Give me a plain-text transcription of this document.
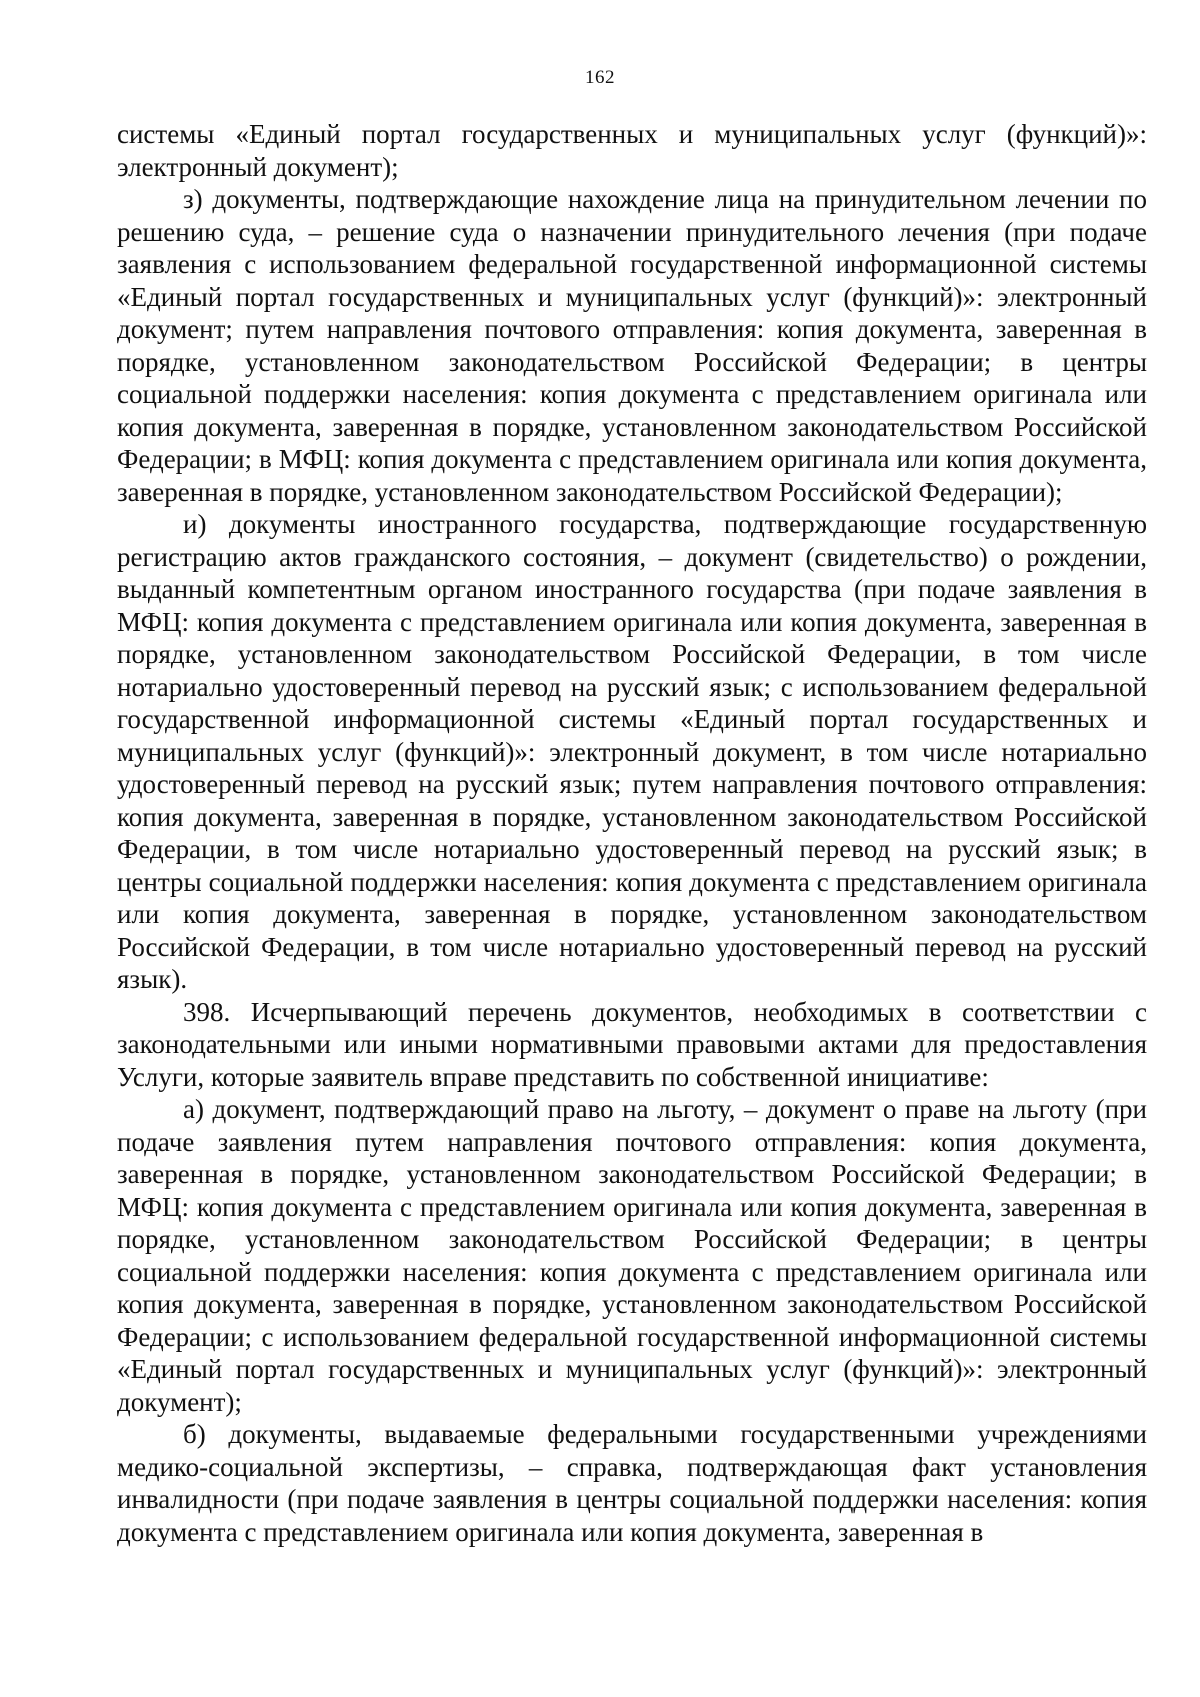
162

системы «Единый портал государственных и муниципальных услуг (функций)»: электронный документ);

з) документы, подтверждающие нахождение лица на принудительном лечении по решению суда, – решение суда о назначении принудительного лечения (при подаче заявления с использованием федеральной государственной информационной системы «Единый портал государственных и муниципальных услуг (функций)»: электронный документ; путем направления почтового отправления: копия документа, заверенная в порядке, установленном законодательством Российской Федерации; в центры социальной поддержки населения: копия документа с представлением оригинала или копия документа, заверенная в порядке, установленном законодательством Российской Федерации; в МФЦ: копия документа с представлением оригинала или копия документа, заверенная в порядке, установленном законодательством Российской Федерации);

и) документы иностранного государства, подтверждающие государственную регистрацию актов гражданского состояния, – документ (свидетельство) о рождении, выданный компетентным органом иностранного государства (при подаче заявления в МФЦ: копия документа с представлением оригинала или копия документа, заверенная в порядке, установленном законодательством Российской Федерации, в том числе нотариально удостоверенный перевод на русский язык; с использованием федеральной государственной информационной системы «Единый портал государственных и муниципальных услуг (функций)»: электронный документ, в том числе нотариально удостоверенный перевод на русский язык; путем направления почтового отправления: копия документа, заверенная в порядке, установленном законодательством Российской Федерации, в том числе нотариально удостоверенный перевод на русский язык; в центры социальной поддержки населения: копия документа с представлением оригинала или копия документа, заверенная в порядке, установленном законодательством Российской Федерации, в том числе нотариально удостоверенный перевод на русский язык).

398. Исчерпывающий перечень документов, необходимых в соответствии с законодательными или иными нормативными правовыми актами для предоставления Услуги, которые заявитель вправе представить по собственной инициативе:

а) документ, подтверждающий право на льготу, – документ о праве на льготу (при подаче заявления путем направления почтового отправления: копия документа, заверенная в порядке, установленном законодательством Российской Федерации; в МФЦ: копия документа с представлением оригинала или копия документа, заверенная в порядке, установленном законодательством Российской Федерации; в центры социальной поддержки населения: копия документа с представлением оригинала или копия документа, заверенная в порядке, установленном законодательством Российской Федерации; с использованием федеральной государственной информационной системы «Единый портал государственных и муниципальных услуг (функций)»: электронный документ);

б) документы, выдаваемые федеральными государственными учреждениями медико-социальной экспертизы, – справка, подтверждающая факт установления инвалидности (при подаче заявления в центры социальной поддержки населения: копия документа с представлением оригинала или копия документа, заверенная в
